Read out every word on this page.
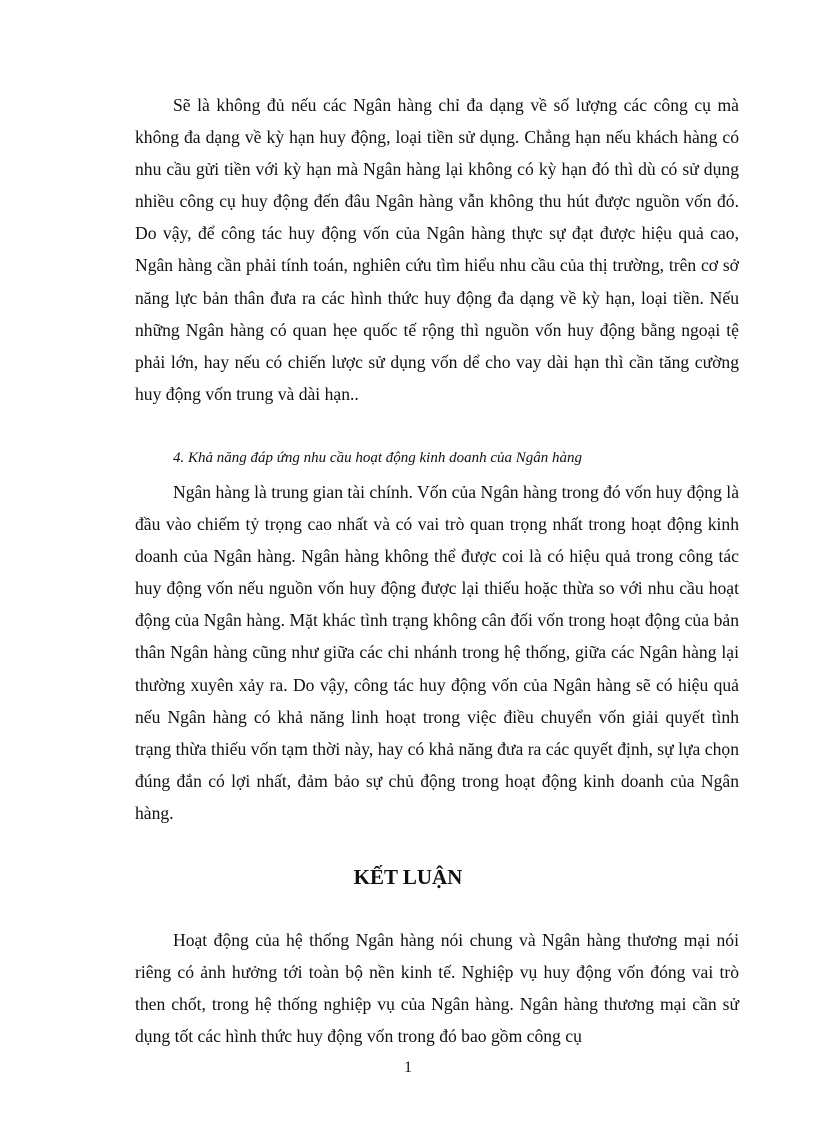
Sẽ là không đủ nếu các Ngân hàng chỉ đa dạng về số lượng các công cụ mà không đa dạng về kỳ hạn huy động, loại tiền sử dụng. Chẳng hạn nếu khách hàng có nhu cầu gửi tiền với kỳ hạn mà Ngân hàng lại không có kỳ hạn đó thì dù có sử dụng nhiều công cụ huy động đến đâu Ngân hàng vẫn không thu hút được nguồn vốn đó. Do vậy, để công tác huy động vốn của Ngân hàng thực sự đạt được hiệu quả cao, Ngân hàng cần phải tính toán, nghiên cứu tìm hiểu nhu cầu của thị trường, trên cơ sở năng lực bản thân đưa ra các hình thức huy động đa dạng về kỳ hạn, loại tiền. Nếu những Ngân hàng có quan hẹe quốc tế rộng thì nguồn vốn huy động bằng ngoại tệ phải lớn, hay nếu có chiến lược sử dụng vốn dể cho vay dài hạn thì cần tăng cường huy động vốn trung và dài hạn..

4. Khả năng đáp ứng nhu cầu hoạt động kinh doanh của Ngân hàng

Ngân hàng là trung gian tài chính. Vốn của Ngân hàng trong đó vốn huy động là đầu vào chiếm tỷ trọng cao nhất và có vai trò quan trọng nhất trong hoạt động kinh doanh của Ngân hàng. Ngân hàng không thể được coi là có hiệu quả trong công tác huy động vốn nếu nguồn vốn huy động được lại thiếu hoặc thừa so với nhu cầu hoạt động của Ngân hàng. Mặt khác tình trạng không cân đối vốn trong hoạt động của bản thân Ngân hàng cũng như giữa các chi nhánh trong hệ thống, giữa các Ngân hàng lại thường xuyên xảy ra. Do vậy, công tác huy động vốn của Ngân hàng sẽ có hiệu quả nếu Ngân hàng có khả năng linh hoạt trong việc điều chuyển vốn giải quyết tình trạng thừa thiếu vốn tạm thời này, hay có khả năng đưa ra các quyết định, sự lựa chọn đúng đắn có lợi nhất, đảm bảo sự chủ động trong hoạt động kinh doanh của Ngân hàng.

KẾT LUẬN

Hoạt động của hệ thống Ngân hàng nói chung và Ngân hàng thương mại nói riêng có ảnh hưởng tới toàn bộ nền kinh tế. Nghiệp vụ huy động vốn đóng vai trò then chốt, trong hệ thống nghiệp vụ của Ngân hàng. Ngân hàng thương mại cần sử dụng tốt các hình thức huy động vốn trong đó bao gồm công cụ

1
